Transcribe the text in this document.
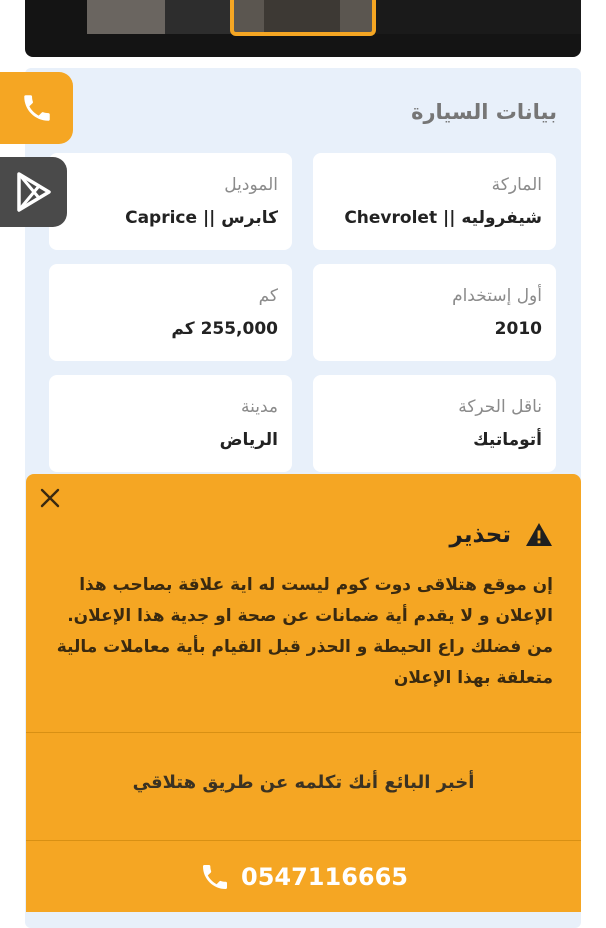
بيانات السيارة
الماركة
شيفروليه || Chevrolet
الموديل
كابرس || Caprice
أول إستخدام
2010
كم
255,000 كم
ناقل الحركة
أتوماتيك
مدينة
الرياض
تحذير
إن موقع هتلاقى دوت كوم ليست له اية علاقة بصاحب هذا الإعلان و لا يقدم أية ضمانات عن صحة او جدية هذا الإعلان. من فضلك راع الحيطة و الحذر قبل القيام بأية معاملات مالية متعلقة بهذا الإعلان
أخبر البائع أنك تكلمه عن طريق هتلاقي
0547116665
